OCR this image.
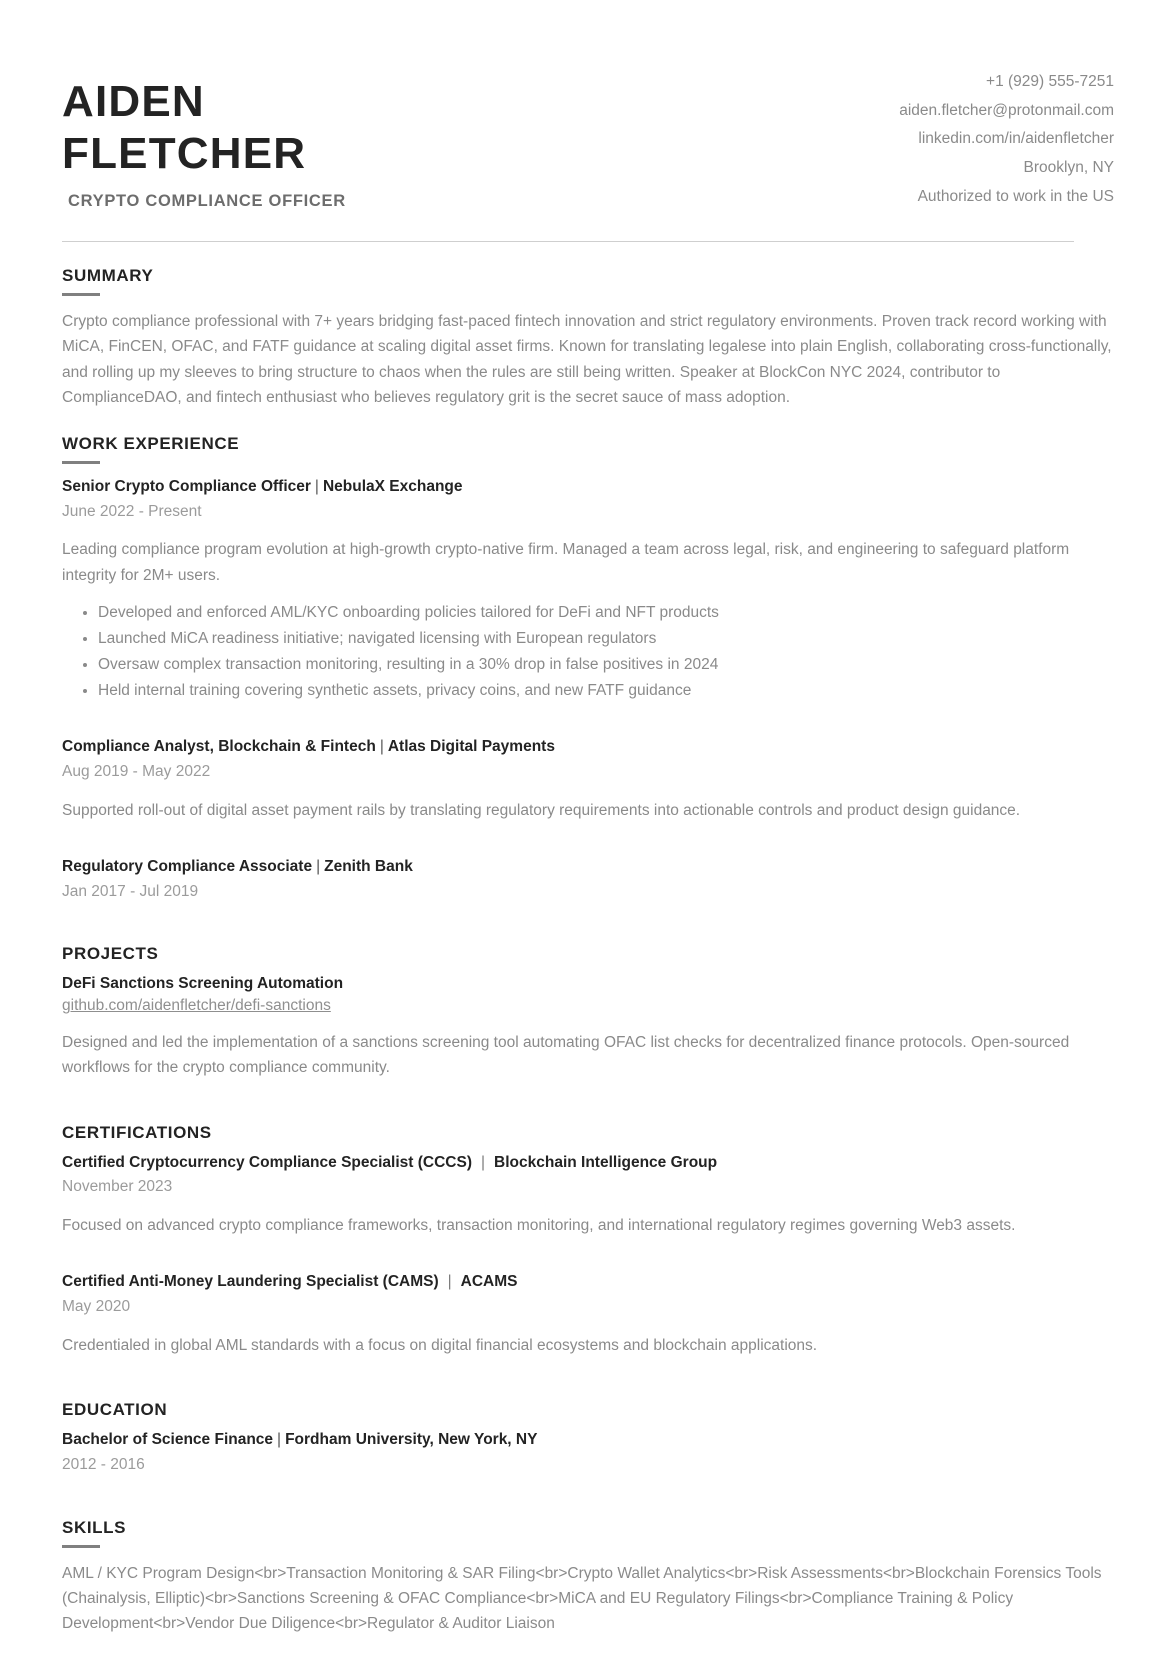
AIDEN
FLETCHER
CRYPTO COMPLIANCE OFFICER
+1 (929) 555-7251
aiden.fletcher@protonmail.com
linkedin.com/in/aidenfletcher
Brooklyn, NY
Authorized to work in the US
SUMMARY

Crypto compliance professional with 7+ years bridging fast-paced fintech innovation and strict regulatory environments. Proven track record working with MiCA, FinCEN, OFAC, and FATF guidance at scaling digital asset firms. Known for translating legalese into plain English, collaborating cross-functionally, and rolling up my sleeves to bring structure to chaos when the rules are still being written. Speaker at BlockCon NYC 2024, contributor to ComplianceDAO, and fintech enthusiast who believes regulatory grit is the secret sauce of mass adoption.

WORK EXPERIENCE
Senior Crypto Compliance Officer | NebulaX Exchange
June 2022 - Present

Leading compliance program evolution at high-growth crypto-native firm. Managed a team across legal, risk, and engineering to safeguard platform integrity for 2M+ users.

• Developed and enforced AML/KYC onboarding policies tailored for DeFi and NFT products
• Launched MiCA readiness initiative; navigated licensing with European regulators
• Oversaw complex transaction monitoring, resulting in a 30% drop in false positives in 2024
• Held internal training covering synthetic assets, privacy coins, and new FATF guidance
Compliance Analyst, Blockchain & Fintech | Atlas Digital Payments
Aug 2019 - May 2022

Supported roll-out of digital asset payment rails by translating regulatory requirements into actionable controls and product design guidance.

Regulatory Compliance Associate | Zenith Bank
Jan 2017 - Jul 2019
PROJECTS
DeFi Sanctions Screening Automation
github.com/aidenfletcher/defi-sanctions

Designed and led the implementation of a sanctions screening tool automating OFAC list checks for decentralized finance protocols. Open-sourced workflows for the crypto compliance community.

CERTIFICATIONS
Certified Cryptocurrency Compliance Specialist (CCCS) | Blockchain Intelligence Group
November 2023

Focused on advanced crypto compliance frameworks, transaction monitoring, and international regulatory regimes governing Web3 assets.

Certified Anti-Money Laundering Specialist (CAMS) | ACAMS
May 2020

Credentialed in global AML standards with a focus on digital financial ecosystems and blockchain applications.

EDUCATION
Bachelor of Science Finance | Fordham University, New York, NY
2012 - 2016
SKILLS

AML / KYC Program Design<br>Transaction Monitoring & SAR Filing<br>Crypto Wallet Analytics<br>Risk Assessments<br>Blockchain Forensics Tools (Chainalysis, Elliptic)<br>Sanctions Screening & OFAC Compliance<br>MiCA and EU Regulatory Filings<br>Compliance Training & Policy Development<br>Vendor Due Diligence<br>Regulator & Auditor Liaison
